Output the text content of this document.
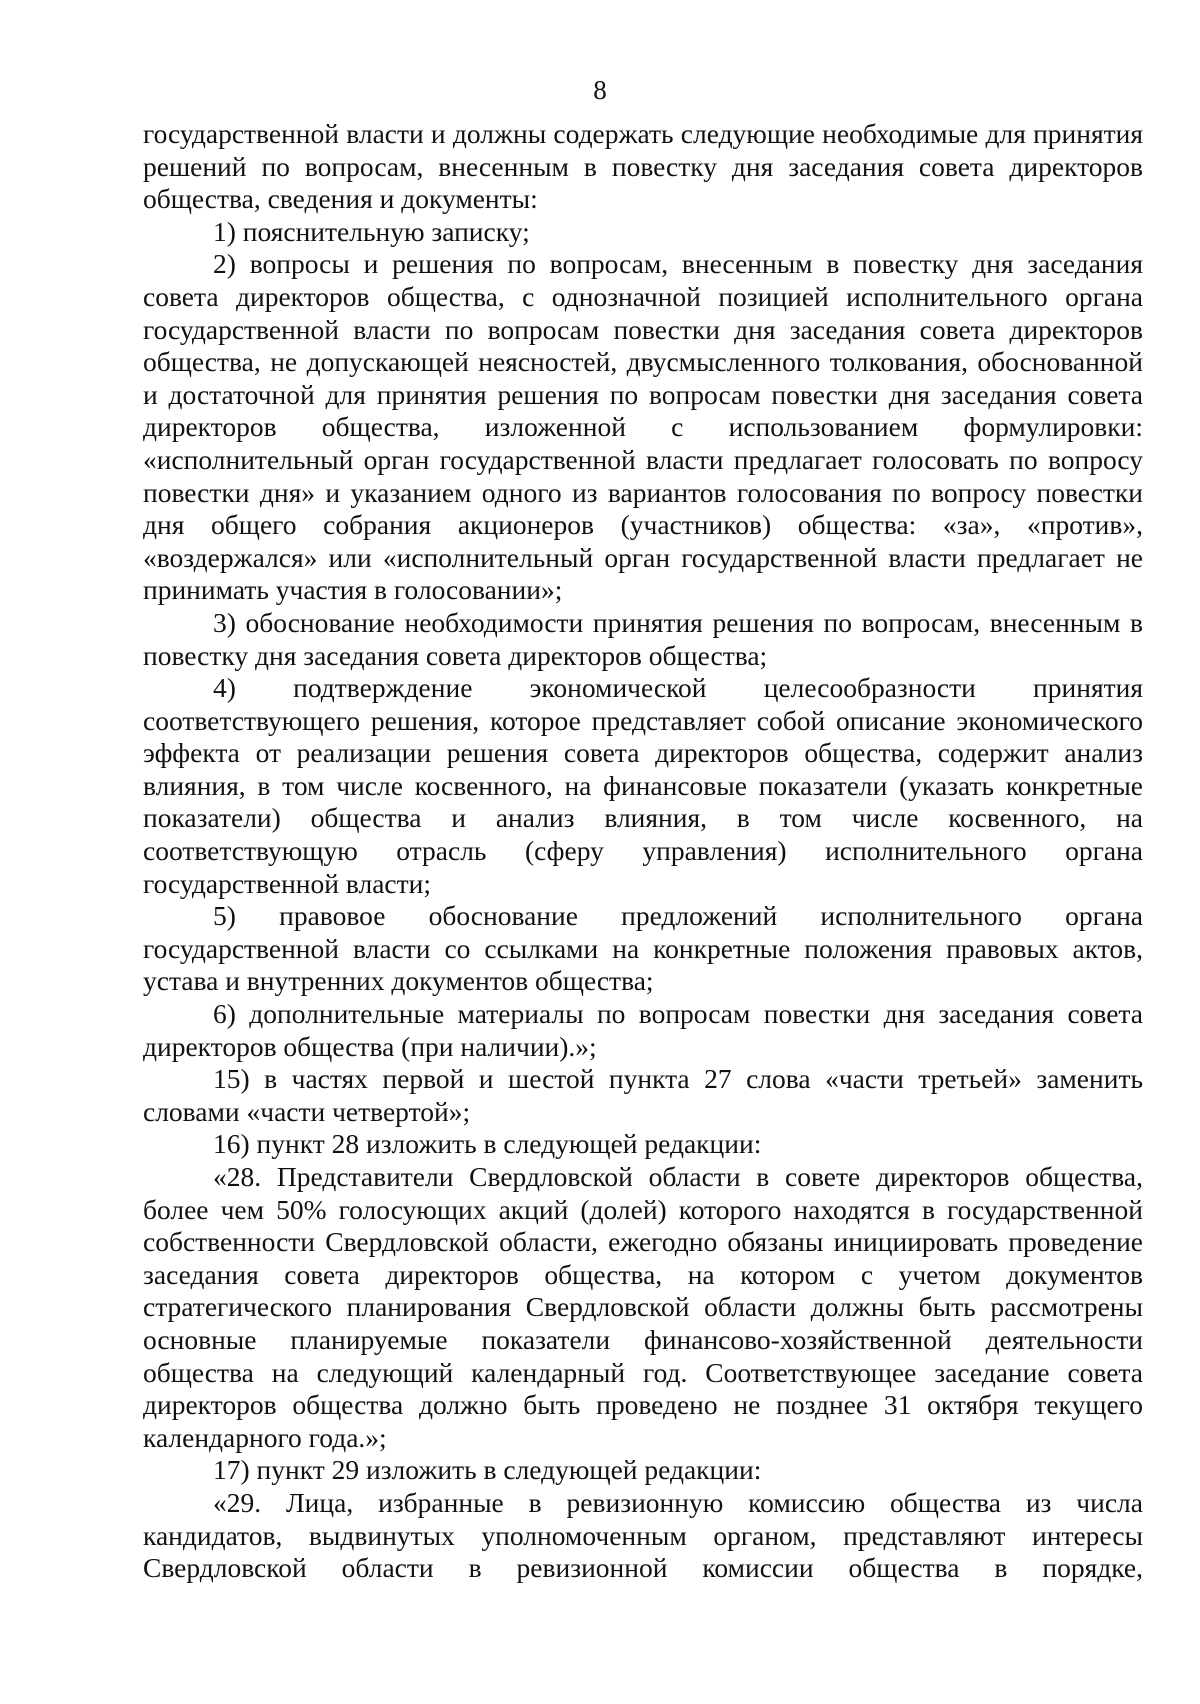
8

государственной власти и должны содержать следующие необходимые для принятия решений по вопросам, внесенным в повестку дня заседания совета директоров общества, сведения и документы:

1) пояснительную записку;

2) вопросы и решения по вопросам, внесенным в повестку дня заседания совета директоров общества, с однозначной позицией исполнительного органа государственной власти по вопросам повестки дня заседания совета директоров общества, не допускающей неясностей, двусмысленного толкования, обоснованной и достаточной для принятия решения по вопросам повестки дня заседания совета директоров общества, изложенной с использованием формулировки: «исполнительный орган государственной власти предлагает голосовать по вопросу повестки дня» и указанием одного из вариантов голосования по вопросу повестки дня общего собрания акционеров (участников) общества: «за», «против», «воздержался» или «исполнительный орган государственной власти предлагает не принимать участия в голосовании»;

3) обоснование необходимости принятия решения по вопросам, внесенным в повестку дня заседания совета директоров общества;

4) подтверждение экономической целесообразности принятия соответствующего решения, которое представляет собой описание экономического эффекта от реализации решения совета директоров общества, содержит анализ влияния, в том числе косвенного, на финансовые показатели (указать конкретные показатели) общества и анализ влияния, в том числе косвенного, на соответствующую отрасль (сферу управления) исполнительного органа государственной власти;

5) правовое обоснование предложений исполнительного органа государственной власти со ссылками на конкретные положения правовых актов, устава и внутренних документов общества;

6) дополнительные материалы по вопросам повестки дня заседания совета директоров общества (при наличии).»;

15) в частях первой и шестой пункта 27 слова «части третьей» заменить словами «части четвертой»;

16) пункт 28 изложить в следующей редакции:

«28. Представители Свердловской области в совете директоров общества, более чем 50% голосующих акций (долей) которого находятся в государственной собственности Свердловской области, ежегодно обязаны инициировать проведение заседания совета директоров общества, на котором с учетом документов стратегического планирования Свердловской области должны быть рассмотрены основные планируемые показатели финансово-хозяйственной деятельности общества на следующий календарный год. Соответствующее заседание совета директоров общества должно быть проведено не позднее 31 октября текущего календарного года.»;

17) пункт 29 изложить в следующей редакции:

«29. Лица, избранные в ревизионную комиссию общества из числа кандидатов, выдвинутых уполномоченным органом, представляют интересы Свердловской области в ревизионной комиссии общества в порядке,
